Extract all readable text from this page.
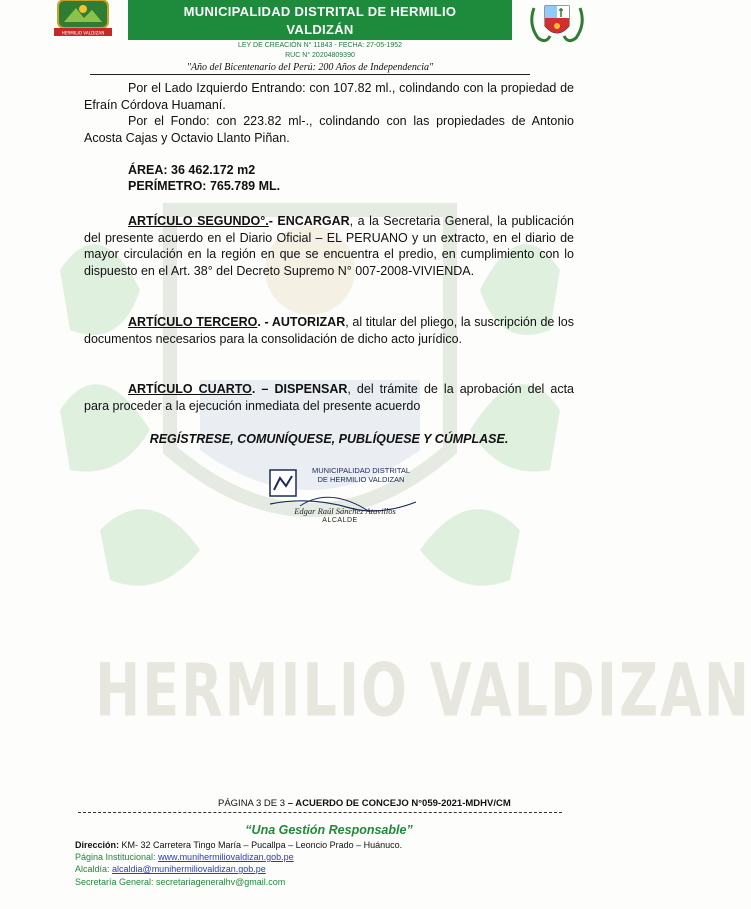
HERMILIO VALDIZAN
HERMILIO VALDIZAN
MUNICIPALIDAD DISTRITAL DE HERMILIO
VALDIZÁN
LEY DE CREACIÓN N° 11843 - FECHA: 27-05-1952
RUC N° 20204809390
"Año del Bicentenario del Perú: 200 Años de Independencia"
Por el Lado Izquierdo Entrando: con 107.82 ml., colindando con la propiedad de Efraín Córdova Huamaní.
Por el Fondo: con 223.82 ml-., colindando con las propiedades de Antonio Acosta Cajas y Octavio Llanto Piñan.
ÁREA: 36 462.172 m2
PERÍMETRO: 765.789 ML.
ARTÍCULO SEGUNDO°.- ENCARGAR, a la Secretaria General, la publicación del presente acuerdo en el Diario Oficial – EL PERUANO y un extracto, en el diario de mayor circulación en la región en que se encuentra el predio, en cumplimiento con lo dispuesto en el Art. 38° del Decreto Supremo N° 007-2008-VIVIENDA.
ARTÍCULO TERCERO. - AUTORIZAR, al titular del pliego, la suscripción de los documentos necesarios para la consolidación de dicho acto jurídico.
ARTÍCULO CUARTO. – DISPENSAR, del trámite de la aprobación del acta para proceder a la ejecución inmediata del presente acuerdo
REGÍSTRESE, COMUNÍQUESE, PUBLÍQUESE Y CÚMPLASE.
MUNICIPALIDAD DISTRITAL DE HERMILIO VALDIZAN
Edgar Raúl Sánchez Atavillos
ALCALDE
PÁGINA 3 DE 3 – ACUERDO DE CONCEJO N°059-2021-MDHV/CM
“Una Gestión Responsable”
Dirección: KM- 32 Carretera Tingo María – Pucallpa – Leoncio Prado – Huánuco.
Página Institucional: www.munihermiliovaldizan.gob.pe
Alcaldía: alcaldia@munihermiliovaldizan.gob.pe
Secretaría General: secretariageneralhv@gmail.com
